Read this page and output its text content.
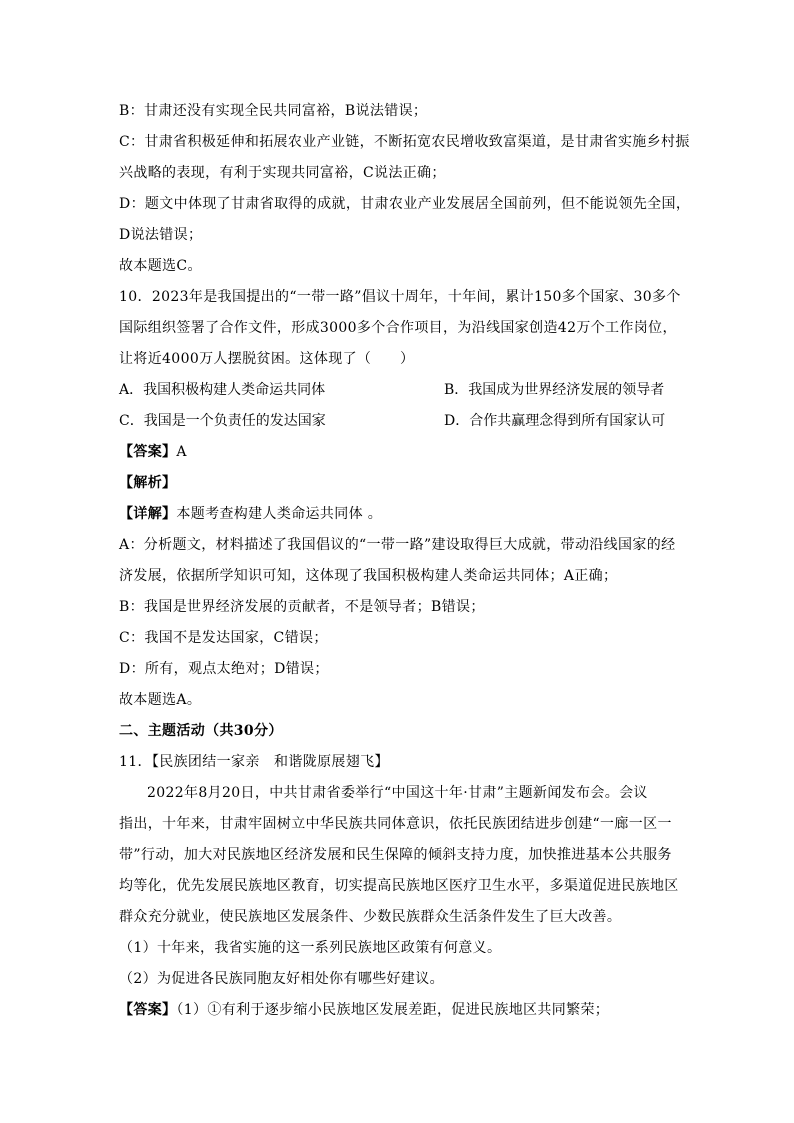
B：甘肃还没有实现全民共同富裕，B说法错误；
C：甘肃省积极延伸和拓展农业产业链，不断拓宽农民增收致富渠道，是甘肃省实施乡村振
兴战略的表现，有利于实现共同富裕，C说法正确；
D：题文中体现了甘肃省取得的成就，甘肃农业产业发展居全国前列，但不能说领先全国，
D说法错误；
故本题选C。
10．2023年是我国提出的“一带一路”倡议十周年，十年间，累计150多个国家、30多个
国际组织签署了合作文件，形成3000多个合作项目，为沿线国家创造42万个工作岗位，
让将近4000万人摆脱贫困。这体现了（　　）
A．我国积极构建人类命运共同体	B．我国成为世界经济发展的领导者
C．我国是一个负责任的发达国家	D．合作共赢理念得到所有国家认可
【答案】A
【解析】
【详解】本题考查构建人类命运共同体 。
A：分析题文，材料描述了我国倡议的“一带一路”建设取得巨大成就，带动沿线国家的经
济发展，依据所学知识可知，这体现了我国积极构建人类命运共同体；A正确；
B：我国是世界经济发展的贡献者，不是领导者；B错误；
C：我国不是发达国家，C错误；
D：所有，观点太绝对；D错误；
故本题选A。
二、主题活动（共30分）
11．【民族团结一家亲　和谐陇原展翅飞】
2022年8月20日，中共甘肃省委举行“中国这十年·甘肃”主题新闻发布会。会议
指出，十年来，甘肃牢固树立中华民族共同体意识，依托民族团结进步创建“一廊一区一
带”行动，加大对民族地区经济发展和民生保障的倾斜支持力度，加快推进基本公共服务
均等化，优先发展民族地区教育，切实提高民族地区医疗卫生水平，多渠道促进民族地区
群众充分就业，使民族地区发展条件、少数民族群众生活条件发生了巨大改善。
（1）十年来，我省实施的这一系列民族地区政策有何意义。
（2）为促进各民族同胞友好相处你有哪些好建议。
【答案】（1）①有利于逐步缩小民族地区发展差距，促进民族地区共同繁荣；
